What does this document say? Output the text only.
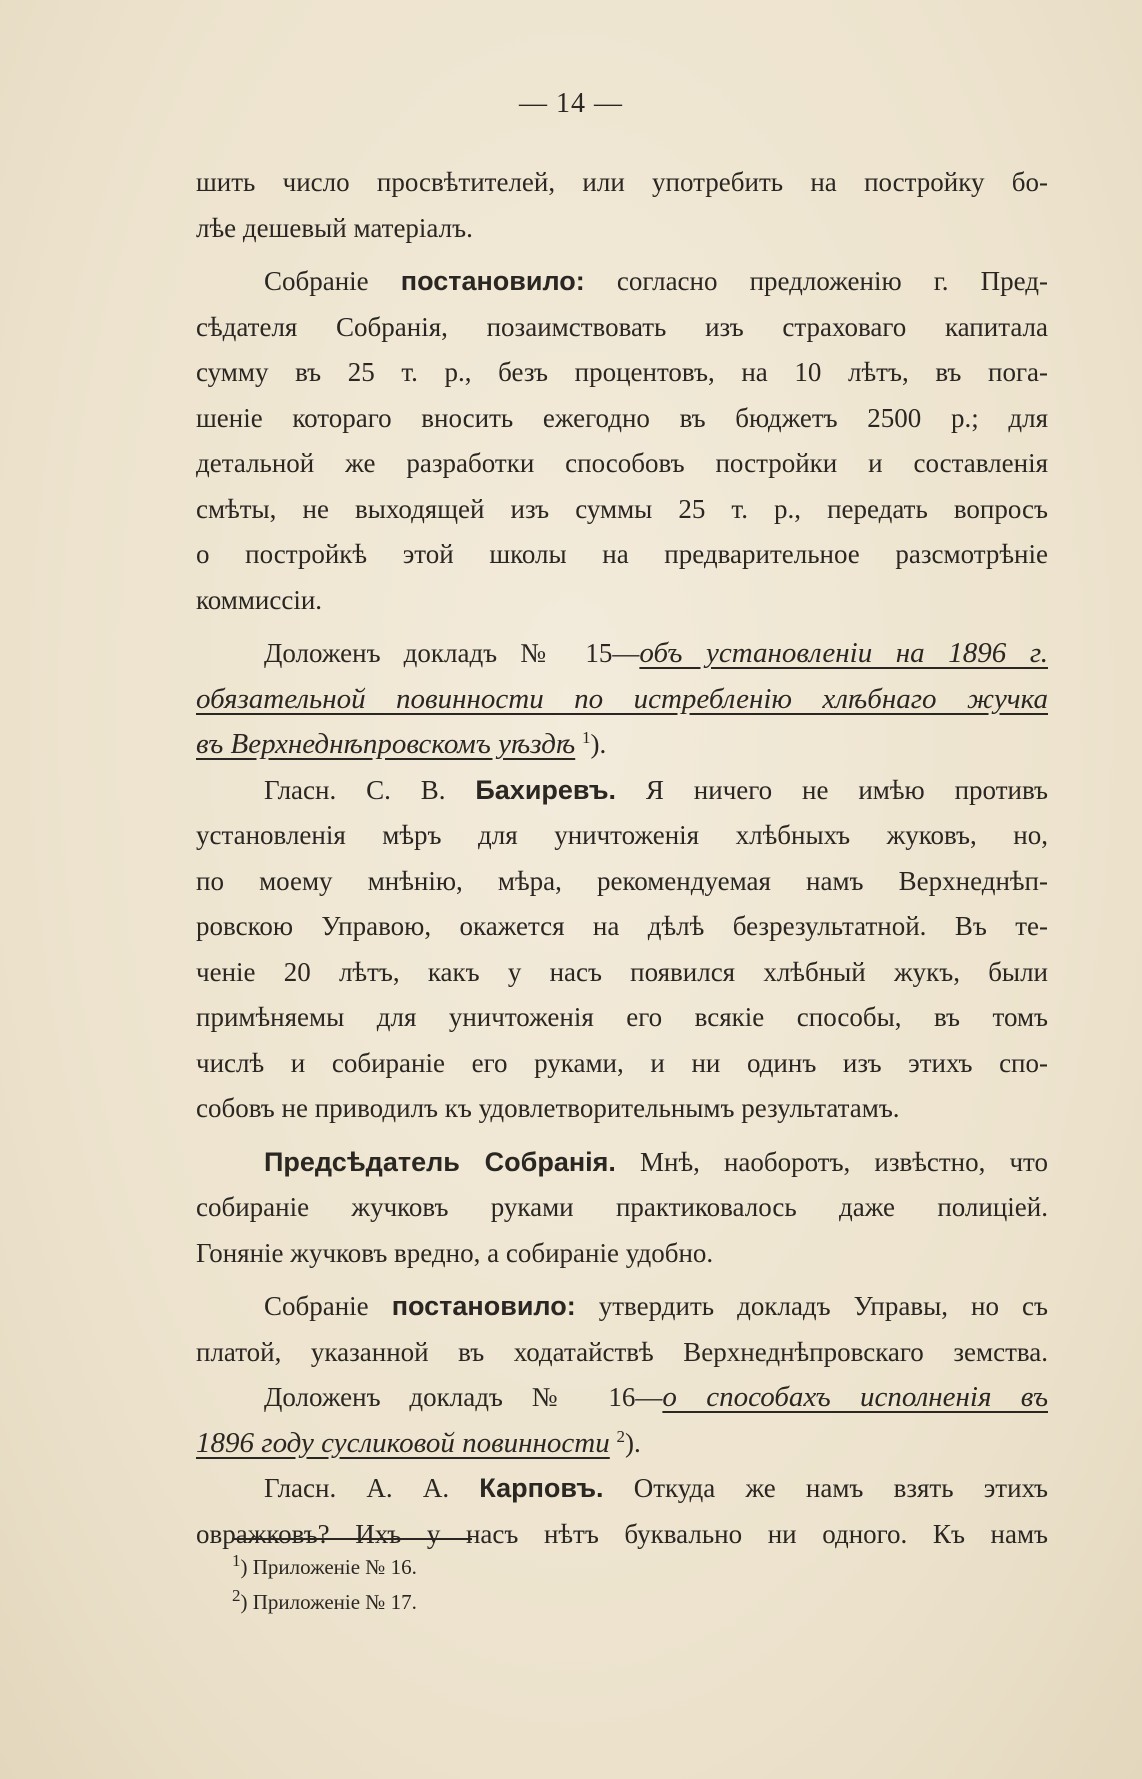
— 14 —
шить число просвѣтителей, или употребить на постройку бо-
лѣе дешевый матеріалъ.
Собраніе постановило: согласно предложенію г. Пред-
сѣдателя Собранія, позаимствовать изъ страховаго капитала
сумму въ 25 т. р., безъ процентовъ, на 10 лѣтъ, въ пога-
шеніе котораго вносить ежегодно въ бюджетъ 2500 р.; для
детальной же разработки способовъ постройки и составленія
смѣты, не выходящей изъ суммы 25 т. р., передать вопросъ
о постройкѣ этой школы на предварительное разсмотрѣніе
коммиссіи.
Доложенъ докладъ № 15—объ установленіи на 1896 г.
обязательной повинности по истребленію хлѣбнаго жучка
въ Верхнеднѣпровскомъ уѣздѣ $^1$).
Гласн. С. В. Бахиревъ. Я ничего не имѣю противъ
установленія мѣръ для уничтоженія хлѣбныхъ жуковъ, но,
по моему мнѣнію, мѣра, рекомендуемая намъ Верхнеднѣп-
ровскою Управою, окажется на дѣлѣ безрезультатной. Въ те-
ченіе 20 лѣтъ, какъ у насъ появился хлѣбный жукъ, были
примѣняемы для уничтоженія его всякіе способы, въ томъ
числѣ и собираніе его руками, и ни одинъ изъ этихъ спо-
собовъ не приводилъ къ удовлетворительнымъ результатамъ.
Предсѣдатель Собранія. Мнѣ, наоборотъ, извѣстно, что
собираніе жучковъ руками практиковалось даже полиціей.
Гоняніе жучковъ вредно, а собираніе удобно.
Собраніе постановило: утвердить докладъ Управы, но съ
платой, указанной въ ходатайствѣ Верхнеднѣпровскаго земства.
Доложенъ докладъ № 16—о способахъ исполненія въ
1896 году сусликовой повинности $^2$).
Гласн. А. А. Карповъ. Откуда же намъ взять этихъ
овражковъ? Ихъ у насъ нѣтъ буквально ни одного. Къ намъ
$^1$) Приложеніе № 16.
$^2$) Приложеніе № 17.
